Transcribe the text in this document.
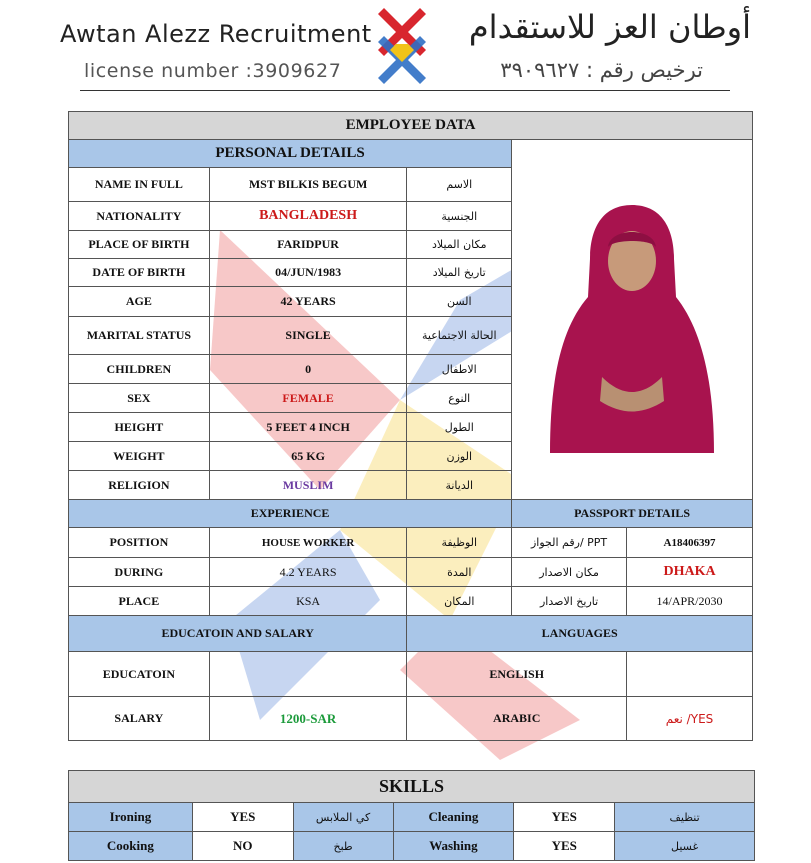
Awtan Alezz Recruitment
license number :3909627
أوطان العز للاستقدام
ترخيص رقم : ٣٩٠٩٦٢٧
EMPLOYEE DATA				
PERSONAL DETAILS	

NAME IN FULL	MST BILKIS BEGUM	الاسم		
NATIONALITY	BANGLADESH	الجنسية		
PLACE OF BIRTH	FARIDPUR	مكان الميلاد		
DATE OF BIRTH	04/JUN/1983	تاريخ الميلاد		
AGE	42 YEARS	السن		
MARITAL STATUS	SINGLE	الحالة الاجتماعية		
CHILDREN	0	الاطفال		
SEX	FEMALE	النوع		
HEIGHT	5 FEET 4 INCH	الطول		
WEIGHT	65 KG	الوزن		
RELIGION	MUSLIM	الديانة		
EXPERIENCE			PASSPORT DETAILS	
POSITION	HOUSE WORKER	الوظيفة	PPT /رقم الجواز	A18406397
DURING	4.2 YEARS	المدة	مكان الاصدار	DHAKA
PLACE	KSA	المكان	تاريخ الاصدار	14/APR/2030
EDUCATOIN AND SALARY		LANGUAGES		
EDUCATOIN		ENGLISH		
SALARY	1200-SAR	ARABIC		YES/ نعم
SKILLS					
Ironing	YES	كي الملابس	Cleaning	YES	تنظيف
Cooking	NO	طبخ	Washing	YES	غسيل
